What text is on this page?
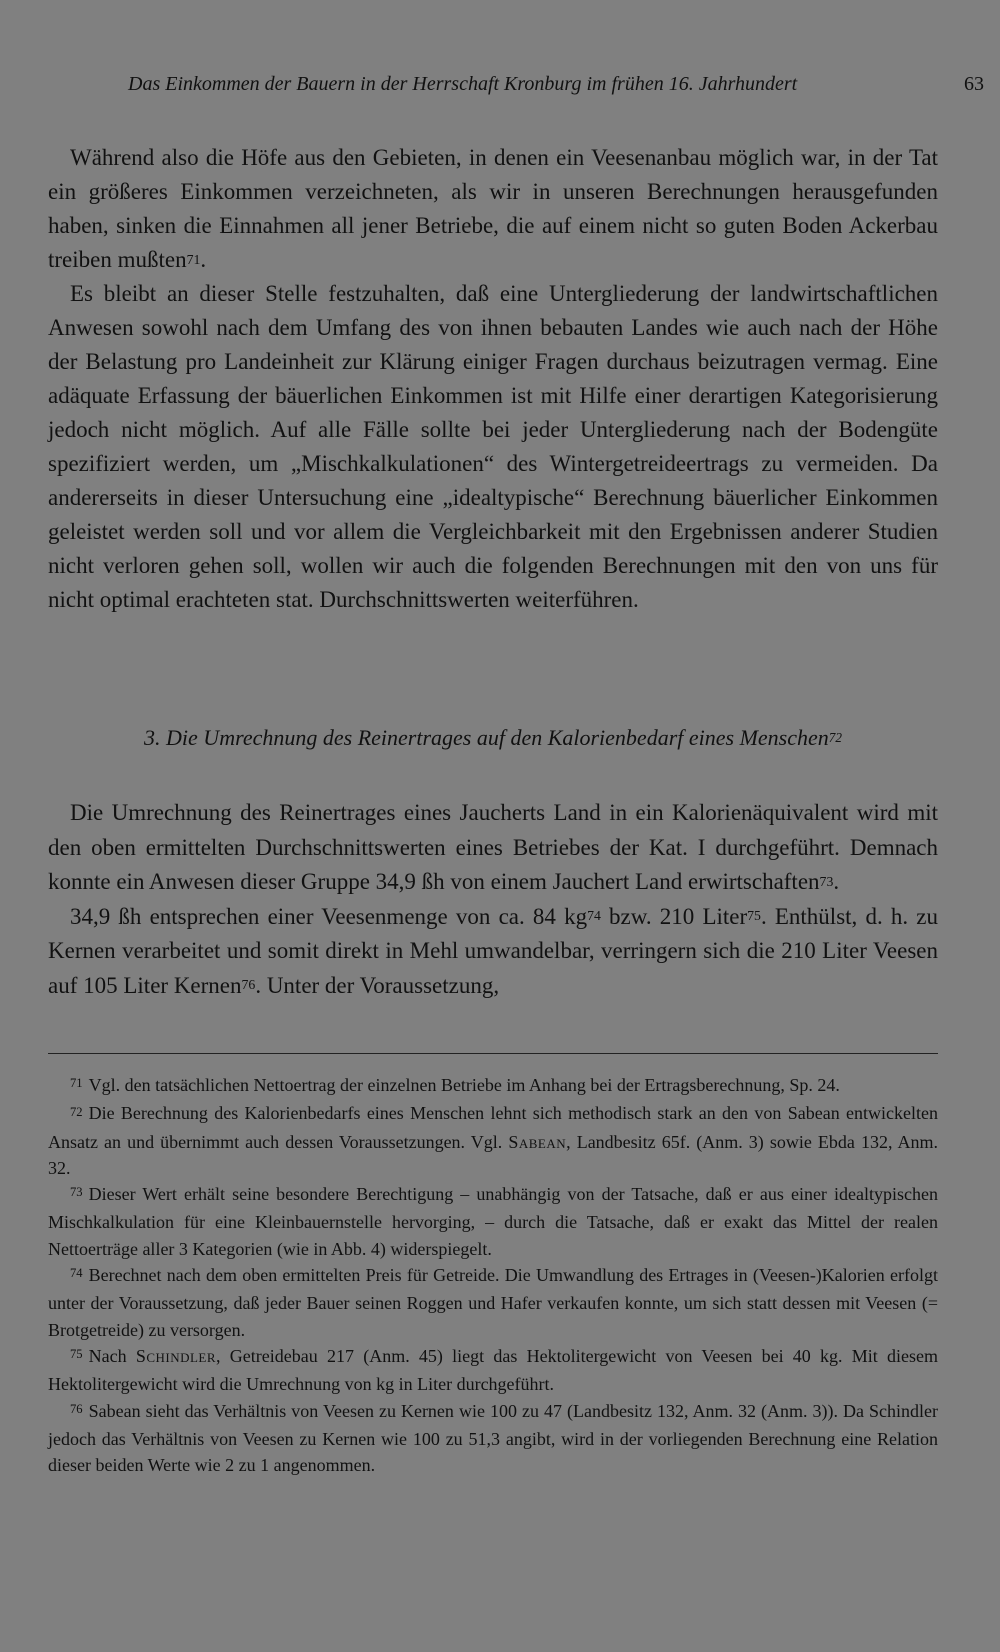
Das Einkommen der Bauern in der Herrschaft Kronburg im frühen 16. Jahrhundert	63

Während also die Höfe aus den Gebieten, in denen ein Veesenanbau möglich war, in der Tat ein größeres Einkommen verzeichneten, als wir in unseren Berechnungen herausgefunden haben, sinken die Einnahmen all jener Betriebe, die auf einem nicht so guten Boden Ackerbau treiben mußten$^{71}$.

Es bleibt an dieser Stelle festzuhalten, daß eine Untergliederung der landwirtschaftlichen Anwesen sowohl nach dem Umfang des von ihnen bebauten Landes wie auch nach der Höhe der Belastung pro Landeinheit zur Klärung einiger Fragen durchaus beizutragen vermag. Eine adäquate Erfassung der bäuerlichen Einkommen ist mit Hilfe einer derartigen Kategorisierung jedoch nicht möglich. Auf alle Fälle sollte bei jeder Untergliederung nach der Bodengüte spezifiziert werden, um „Mischkalkulationen“ des Wintergetreideertrags zu vermeiden. Da andererseits in dieser Untersuchung eine „idealtypische“ Berechnung bäuerlicher Einkommen geleistet werden soll und vor allem die Vergleichbarkeit mit den Ergebnissen anderer Studien nicht verloren gehen soll, wollen wir auch die folgenden Berechnungen mit den von uns für nicht optimal erachteten stat. Durchschnittswerten weiterführen.

3. Die Umrechnung des Reinertrages auf den Kalorienbedarf eines Menschen$^{72}$

Die Umrechnung des Reinertrages eines Jaucherts Land in ein Kalorienäquivalent wird mit den oben ermittelten Durchschnittswerten eines Betriebes der Kat. I durchgeführt. Demnach konnte ein Anwesen dieser Gruppe 34,9 ßh von einem Jauchert Land erwirtschaften$^{73}$.

34,9 ßh entsprechen einer Veesenmenge von ca. 84 $kg^{74}$ bzw. 210 Liter$^{75}$. Enthülst, d. h. zu Kernen verarbeitet und somit direkt in Mehl umwandelbar, verringern sich die 210 Liter Veesen auf 105 Liter Kernen$^{76}$. Unter der Voraussetzung,

$^{71}$ Vgl. den tatsächlichen Nettoertrag der einzelnen Betriebe im Anhang bei der Ertragsberechnung, Sp. 24.

$^{72}$ Die Berechnung des Kalorienbedarfs eines Menschen lehnt sich methodisch stark an den von Sabean entwickelten Ansatz an und übernimmt auch dessen Voraussetzungen. Vgl. Sabean, Landbesitz 65f. (Anm. 3) sowie Ebda 132, Anm. 32.

$^{73}$ Dieser Wert erhält seine besondere Berechtigung – unabhängig von der Tatsache, daß er aus einer idealtypischen Mischkalkulation für eine Kleinbauernstelle hervorging, – durch die Tatsache, daß er exakt das Mittel der realen Nettoerträge aller 3 Kategorien (wie in Abb. 4) widerspiegelt.

$^{74}$ Berechnet nach dem oben ermittelten Preis für Getreide. Die Umwandlung des Ertrages in (Veesen-)Kalorien erfolgt unter der Voraussetzung, daß jeder Bauer seinen Roggen und Hafer verkaufen konnte, um sich statt dessen mit Veesen (= Brotgetreide) zu versorgen.

$^{75}$ Nach Schindler, Getreidebau 217 (Anm. 45) liegt das Hektolitergewicht von Veesen bei 40 kg. Mit diesem Hektolitergewicht wird die Umrechnung von kg in Liter durchgeführt.

$^{76}$ Sabean sieht das Verhältnis von Veesen zu Kernen wie 100 zu 47 (Landbesitz 132, Anm. 32 (Anm. 3)). Da Schindler jedoch das Verhältnis von Veesen zu Kernen wie 100 zu 51,3 angibt, wird in der vorliegenden Berechnung eine Relation dieser beiden Werte wie 2 zu 1 angenommen.
